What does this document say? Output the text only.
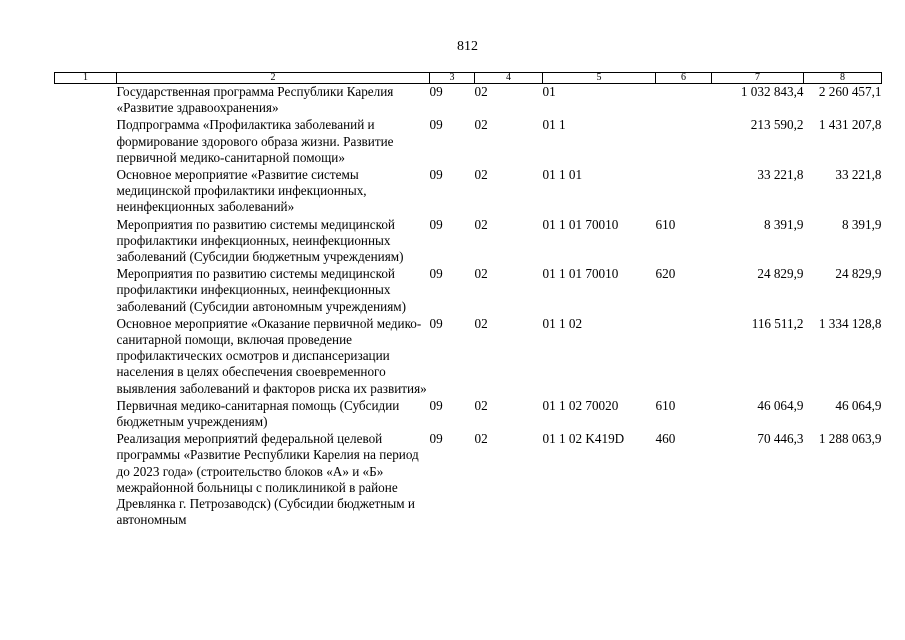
812
1	2	3	4	5	6	7	8
	Государственная программа Республики Карелия «Развитие здравоохранения»	09	02	01		1 032 843,4	2 260 457,1
	Подпрограмма «Профилактика заболеваний и формирование здорового образа жизни. Развитие первичной медико-санитарной помощи»	09	02	01 1		213 590,2	1 431 207,8
	Основное мероприятие «Развитие системы медицинской профилактики инфекционных, неинфекционных заболеваний»	09	02	01 1 01		33 221,8	33 221,8
	Мероприятия по развитию системы медицинской профилактики инфекционных, неинфекционных заболеваний (Субсидии бюджетным учреждениям)	09	02	01 1 01 70010	610	8 391,9	8 391,9
	Мероприятия по развитию системы медицинской профилактики инфекционных, неинфекционных заболеваний (Субсидии автономным учреждениям)	09	02	01 1 01 70010	620	24 829,9	24 829,9
	Основное мероприятие «Оказание первичной медико-санитарной помощи, включая проведение профилактических осмотров и диспансеризации населения в целях обеспечения своевременного выявления заболеваний и факторов риска их развития»	09	02	01 1 02		116 511,2	1 334 128,8
	Первичная медико-санитарная помощь (Субсидии бюджетным учреждениям)	09	02	01 1 02 70020	610	46 064,9	46 064,9
	Реализация мероприятий федеральной целевой программы «Развитие Республики Карелия на период до 2023 года» (строительство блоков «А» и «Б» межрайонной больницы с поликлиникой в районе Древлянка г. Петрозаводск) (Субсидии бюджетным и автономным	09	02	01 1 02 K419D	460	70 446,3	1 288 063,9
